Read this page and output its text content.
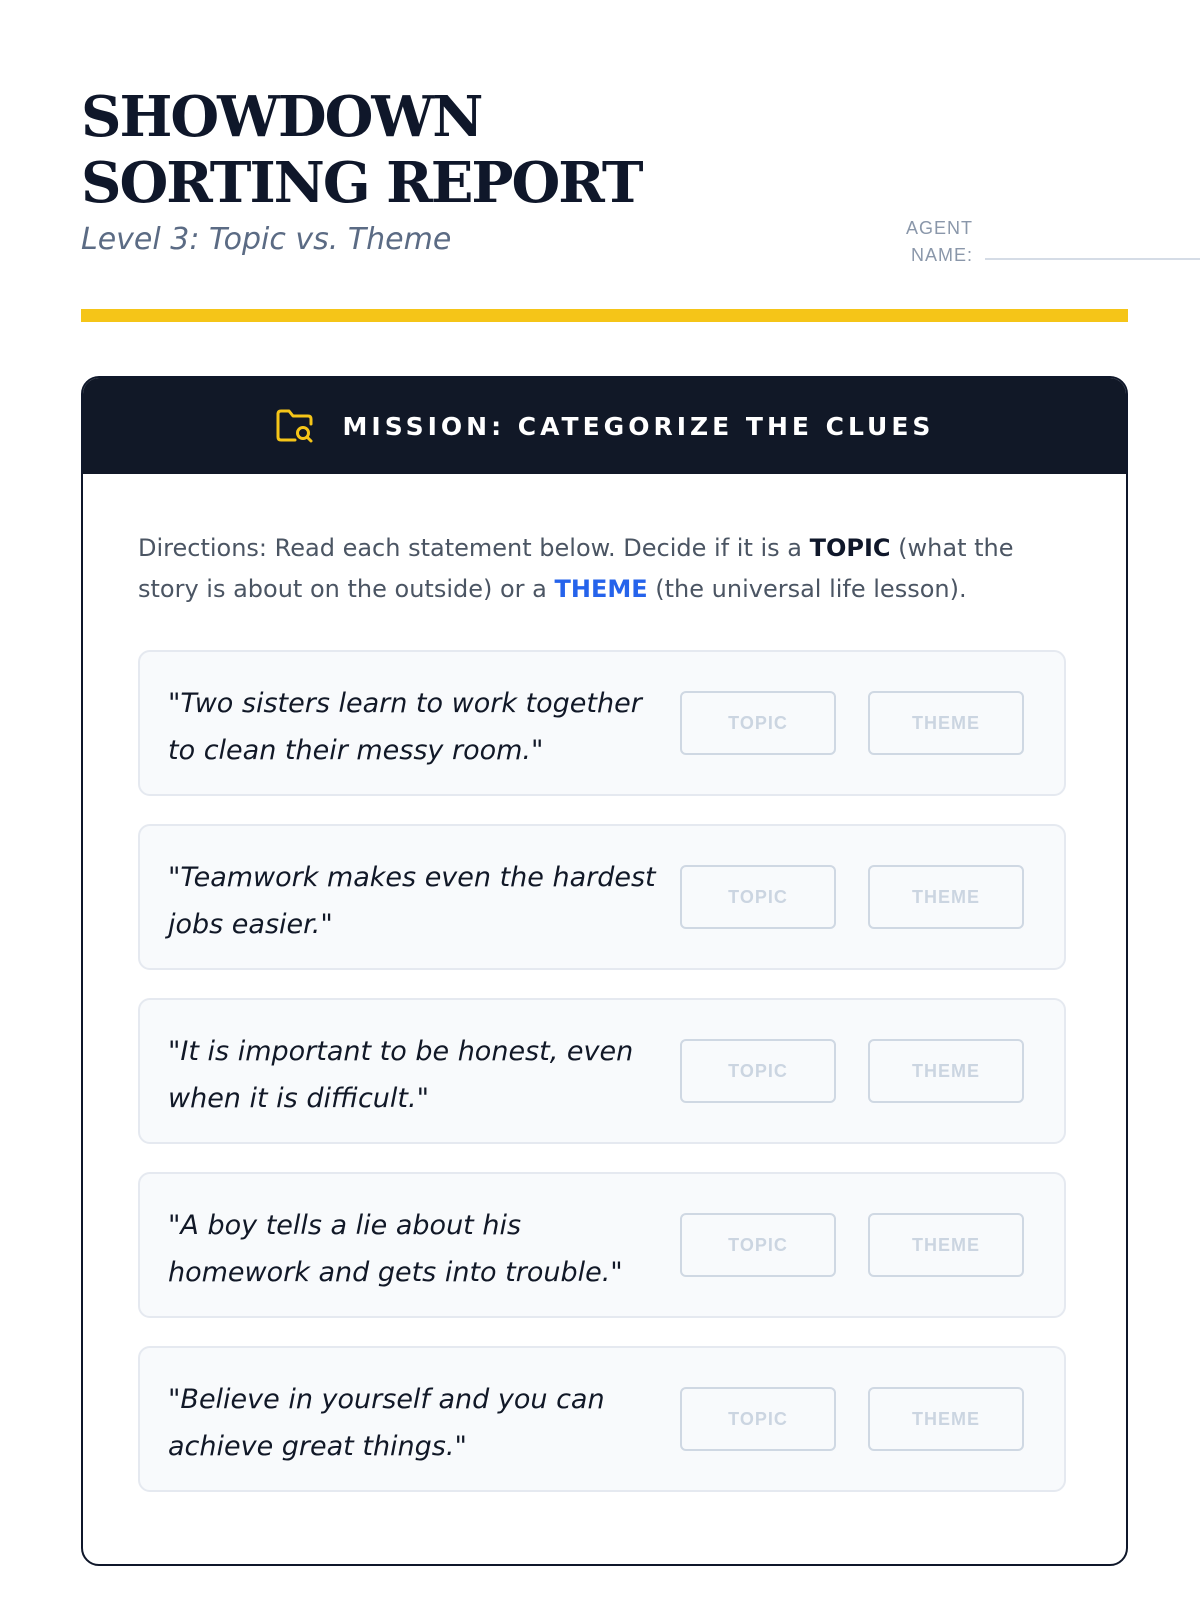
SHOWDOWN SORTING REPORT

Level 3: Topic vs. Theme	AGENT
NAME:
MISSION: CATEGORIZE THE CLUES

Directions: Read each statement below. Decide if it is a TOPIC (what the story is about on the outside) or a THEME (the universal life lesson).

"Two sisters learn to work together to clean their messy room."

TOPIC	THEME

"Teamwork makes even the hardest jobs easier."

TOPIC	THEME

"It is important to be honest, even when it is difficult."

TOPIC	THEME

"A boy tells a lie about his homework and gets into trouble."

TOPIC	THEME

"Believe in yourself and you can achieve great things."

TOPIC	THEME
